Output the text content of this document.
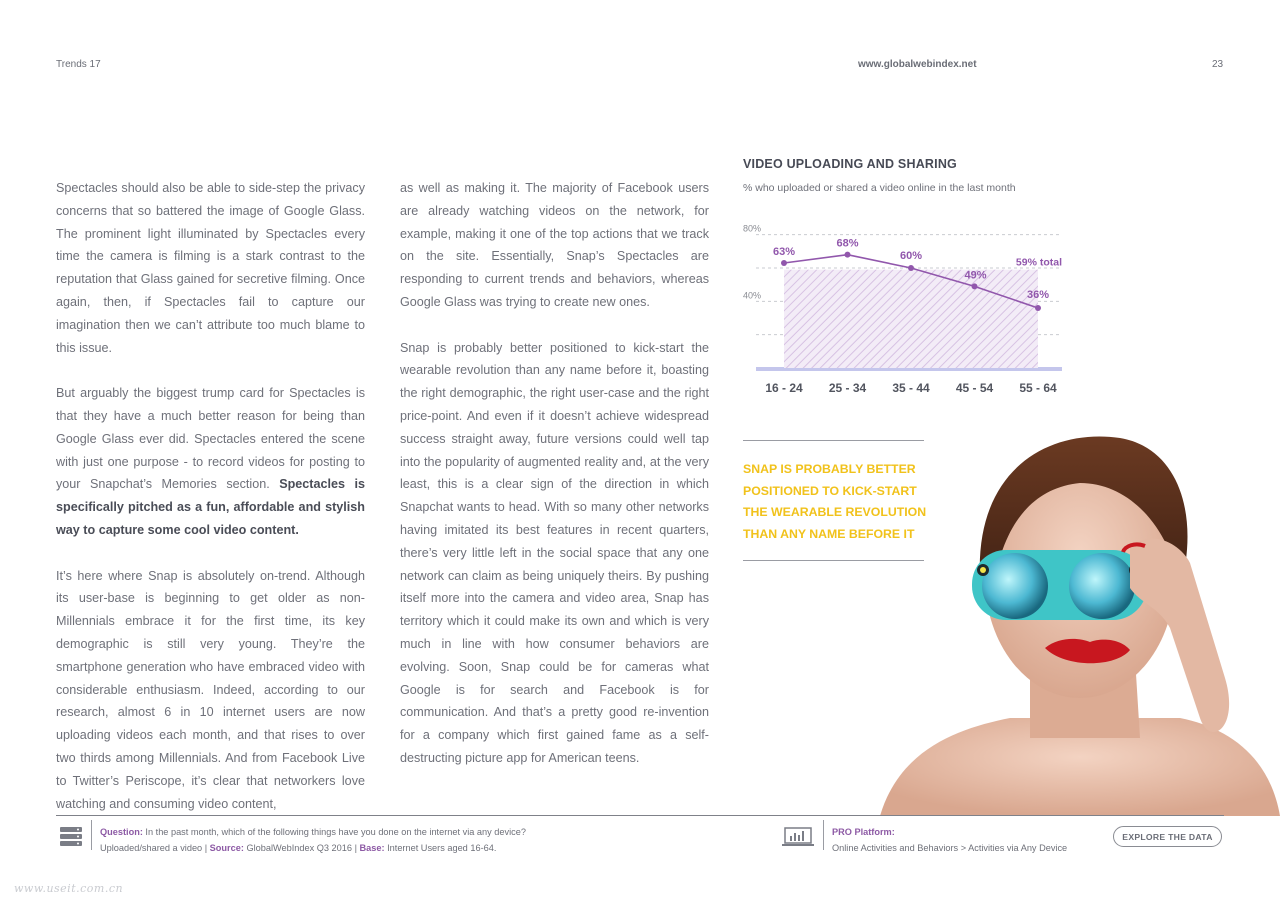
Trends 17	www.globalwebindex.net	23

Spectacles should also be able to side-step the privacy concerns that so battered the image of Google Glass. The prominent light illuminated by Spectacles every time the camera is filming is a stark contrast to the reputation that Glass gained for secretive filming. Once again, then, if Spectacles fail to capture our imagination then we can’t attribute too much blame to this issue.

But arguably the biggest trump card for Spectacles is that they have a much better reason for being than Google Glass ever did. Spectacles entered the scene with just one purpose - to record videos for posting to your Snapchat’s Memories section. Spectacles is specifically pitched as a fun, affordable and stylish way to capture some cool video content.

It’s here where Snap is absolutely on-trend. Although its user-base is beginning to get older as non-Millennials embrace it for the first time, its key demographic is still very young. They’re the smartphone generation who have embraced video with considerable enthusiasm. Indeed, according to our research, almost 6 in 10 internet users are now uploading videos each month, and that rises to over two thirds among Millennials. And from Facebook Live to Twitter’s Periscope, it’s clear that networkers love watching and consuming video content,

as well as making it. The majority of Facebook users are already watching videos on the network, for example, making it one of the top actions that we track on the site. Essentially, Snap’s Spectacles are responding to current trends and behaviors, whereas Google Glass was trying to create new ones.

Snap is probably better positioned to kick-start the wearable revolution than any name before it, boasting the right demographic, the right user-case and the right price-point. And even if it doesn’t achieve widespread success straight away, future versions could well tap into the popularity of augmented reality and, at the very least, this is a clear sign of the direction in which Snapchat wants to head. With so many other networks having imitated its best features in recent quarters, there’s very little left in the social space that any one network can claim as being uniquely theirs. By pushing itself more into the camera and video area, Snap has territory which it could make its own and which is very much in line with how consumer behaviors are evolving. Soon, Snap could be for cameras what Google is for search and Facebook is for communication. And that’s a pretty good re-invention for a company which first gained fame as a self-destructing picture app for American teens.

VIDEO UPLOADING AND SHARING
% who uploaded or shared a video online in the last month
40%
80%
59% total
63%
68%
60%
49%
36%
16 - 24 25 - 34 35 - 44 45 - 54 55 - 64
SNAP IS PROBABLY BETTER POSITIONED TO KICK-START THE WEARABLE REVOLUTION THAN ANY NAME BEFORE IT
Question: In the past month, which of the following things have you done on the internet via any device?
Uploaded/shared a video | Source: GlobalWebIndex Q3 2016 | Base: Internet Users aged 16-64.
PRO Platform:
Online Activities and Behaviors > Activities via Any Device
EXPLORE THE DATA
www.useit.com.cn
